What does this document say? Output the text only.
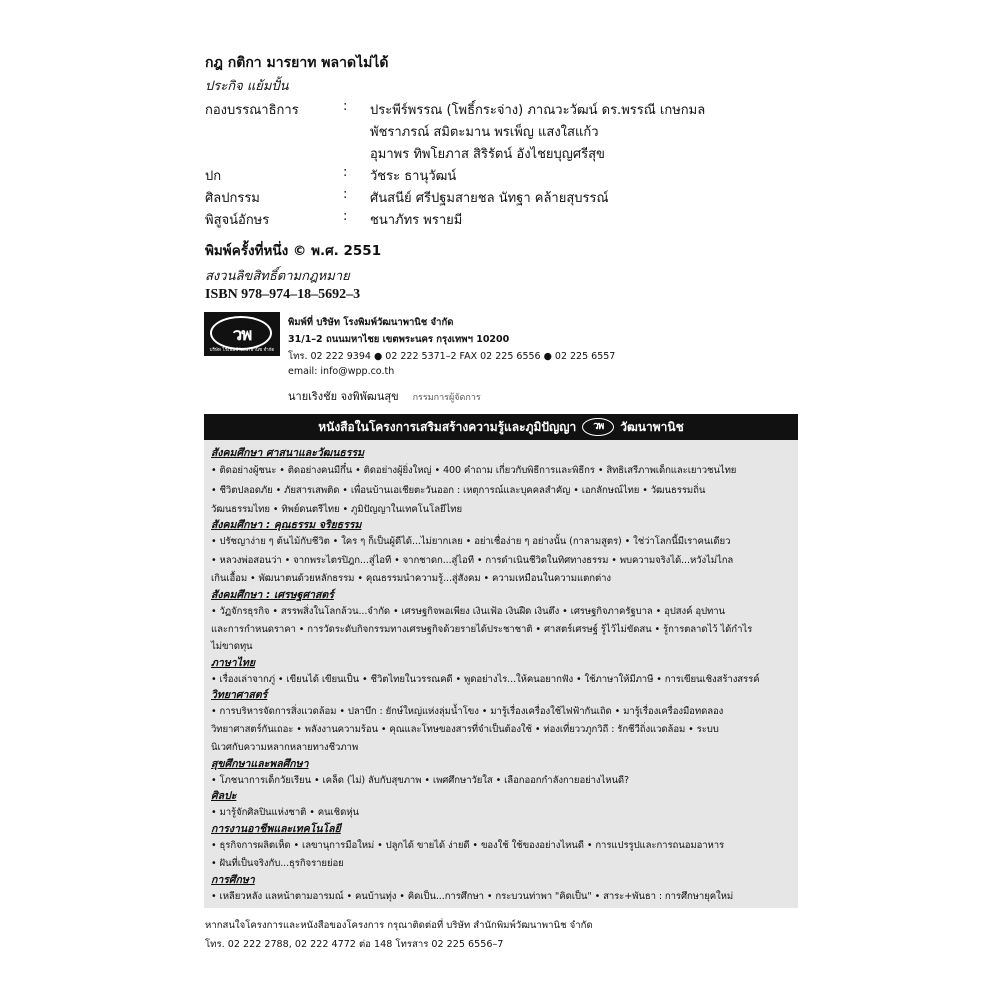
กฎ กติกา มารยาท พลาดไม่ได้
ประกิจ แย้มปั้น
กองบรรณาธิการ	: ประพีร์พรรณ (โพธิ์กระจ่าง) ภาณวะวัฒน์ ดร.พรรณี เกษกมล
พัชราภรณ์ สมิตะมาน พรเพ็ญ แสงใสแก้ว
อุมาพร ทิพโยภาส สิริรัตน์ อังไชยบุญศรีสุข
ปก	: วัชระ ธานุวัฒน์
ศิลปกรรม	: ศันสนีย์ ศรีปฐมสายชล นัทฐา คล้ายสุบรรณ์
พิสูจน์อักษร	: ชนาภัทร พรายมี
พิมพ์ครั้งที่หนึ่ง © พ.ศ. 2551
สงวนลิขสิทธิ์ตามกฎหมาย
ISBN 978–974–18–5692–3
วพ
บริษัท โรงพิมพ์วัฒนาพานิช จำกัด
พิมพ์ที่ บริษัท โรงพิมพ์วัฒนาพานิช จำกัด
31/1–2 ถนนมหาไชย เขตพระนคร กรุงเทพฯ 10200
โทร. 02 222 9394 ● 02 222 5371–2 FAX 02 225 6556 ● 02 225 6557
email: info@wpp.co.th
นายเริงชัย จงพิพัฒนสุข กรรมการผู้จัดการ
หนังสือในโครงการเสริมสร้างความรู้และภูมิปัญญา	วพ	วัฒนาพานิช
สังคมศึกษา ศาสนาและวัฒนธรรม
• ติดอย่างผู้ชนะ • ติดอย่างคนมีกึ๋น • ติดอย่างผู้ยิ่งใหญ่ • 400 คำถาม เกี่ยวกับพิธีการและพิธีกร • สิทธิเสรีภาพเด็กและเยาวชนไทย
• ชีวิตปลอดภัย • ภัยสารเสพติด • เพื่อนบ้านเอเชียตะวันออก : เหตุการณ์และบุคคลสำคัญ • เอกลักษณ์ไทย • วัฒนธรรมถิ่น
วัฒนธรรมไทย • ทิพย์ดนตรีไทย • ภูมิปัญญาในเทคโนโลยีไทย
สังคมศึกษา : คุณธรรม จริยธรรม
• ปรัชญาง่าย ๆ ต้นไม้กับชีวิต • ใคร ๆ ก็เป็นผู้ดีได้...ไม่ยากเลย • อย่าเชื่อง่าย ๆ อย่างนั้น (กาลามสูตร) • ใช่ว่าโลกนี้มีเราคนเดียว
• หลวงพ่อสอนว่า • จากพระไตรปิฎก...สู่ไอที • จากชาดก...สู่ไอที • การดำเนินชีวิตในทิศทางธรรม • พบความจริงได้...หวังไม่ไกล
เกินเอื้อม • พัฒนาตนด้วยหลักธรรม • คุณธรรมนำความรู้...สู่สังคม • ความเหมือนในความแตกต่าง
สังคมศึกษา : เศรษฐศาสตร์
• วัฏจักรธุรกิจ • สรรพสิ่งในโลกล้วน...จำกัด • เศรษฐกิจพอเพียง เงินเฟ้อ เงินฝืด เงินตึง • เศรษฐกิจภาครัฐบาล • อุปสงค์ อุปทาน
และการกำหนดราคา • การวัดระดับกิจกรรมทางเศรษฐกิจด้วยรายได้ประชาชาติ • ศาสตร์เศรษฐ์ รู้ไว้ไม่ขัดสน • รู้การตลาดไว้ ได้กำไร
ไม่ขาดทุน
ภาษาไทย
• เรื่องเล่าจากภู่ • เขียนได้ เขียนเป็น • ชีวิตไทยในวรรณคดี • พูดอย่างไร...ให้คนอยากฟัง • ใช้ภาษาให้มีภาษี • การเขียนเชิงสร้างสรรค์
วิทยาศาสตร์
• การบริหารจัดการสิ่งแวดล้อม • ปลาบึก : ยักษ์ใหญ่แห่งลุ่มน้ำโขง • มารู้เรื่องเครื่องใช้ไฟฟ้ากันเถิด • มารู้เรื่องเครื่องมือทดลอง
วิทยาศาสตร์กันเถอะ • พลังงานความร้อน • คุณและโทษของสารที่จำเป็นต้องใช้ • ท่องเที่ยววภูกวิถี : รักชีวีถิ่งแวดล้อม • ระบบ
นิเวศกับความหลากหลายทางชีวภาพ
สุขศึกษาและพลศึกษา
• โภชนาการเด็กวัยเรียน • เคล็ด (ไม่) ลับกับสุขภาพ • เพศศึกษาวัยใส • เลือกออกกำลังกายอย่างไหนดี?
ศิลปะ
• มารู้จักศิลปินแห่งชาติ • คนเชิดหุ่น
การงานอาชีพและเทคโนโลยี
• ธุรกิจการผลิตเห็ด • เลขานุการมือใหม่ • ปลูกได้ ขายได้ ง่ายดี • ของใช้ ใช้ของอย่างไหนดี • การแปรรูปและการถนอมอาหาร
• ฝันที่เป็นจริงกับ...ธุรกิจรายย่อย
การศึกษา
• เหลียวหลัง แลหน้าตามอารมณ์ • คนบ้านทุ่ง • คิดเป็น...การศึกษา • กระบวนท่าพา "คิดเป็น" • สาระ+พันธา : การศึกษายุคใหม่
หากสนใจโครงการและหนังสือของโครงการ กรุณาติดต่อที่ บริษัท สำนักพิมพ์วัฒนาพานิช จำกัด
โทร. 02 222 2788, 02 222 4772 ต่อ 148 โทรสาร 02 225 6556–7
